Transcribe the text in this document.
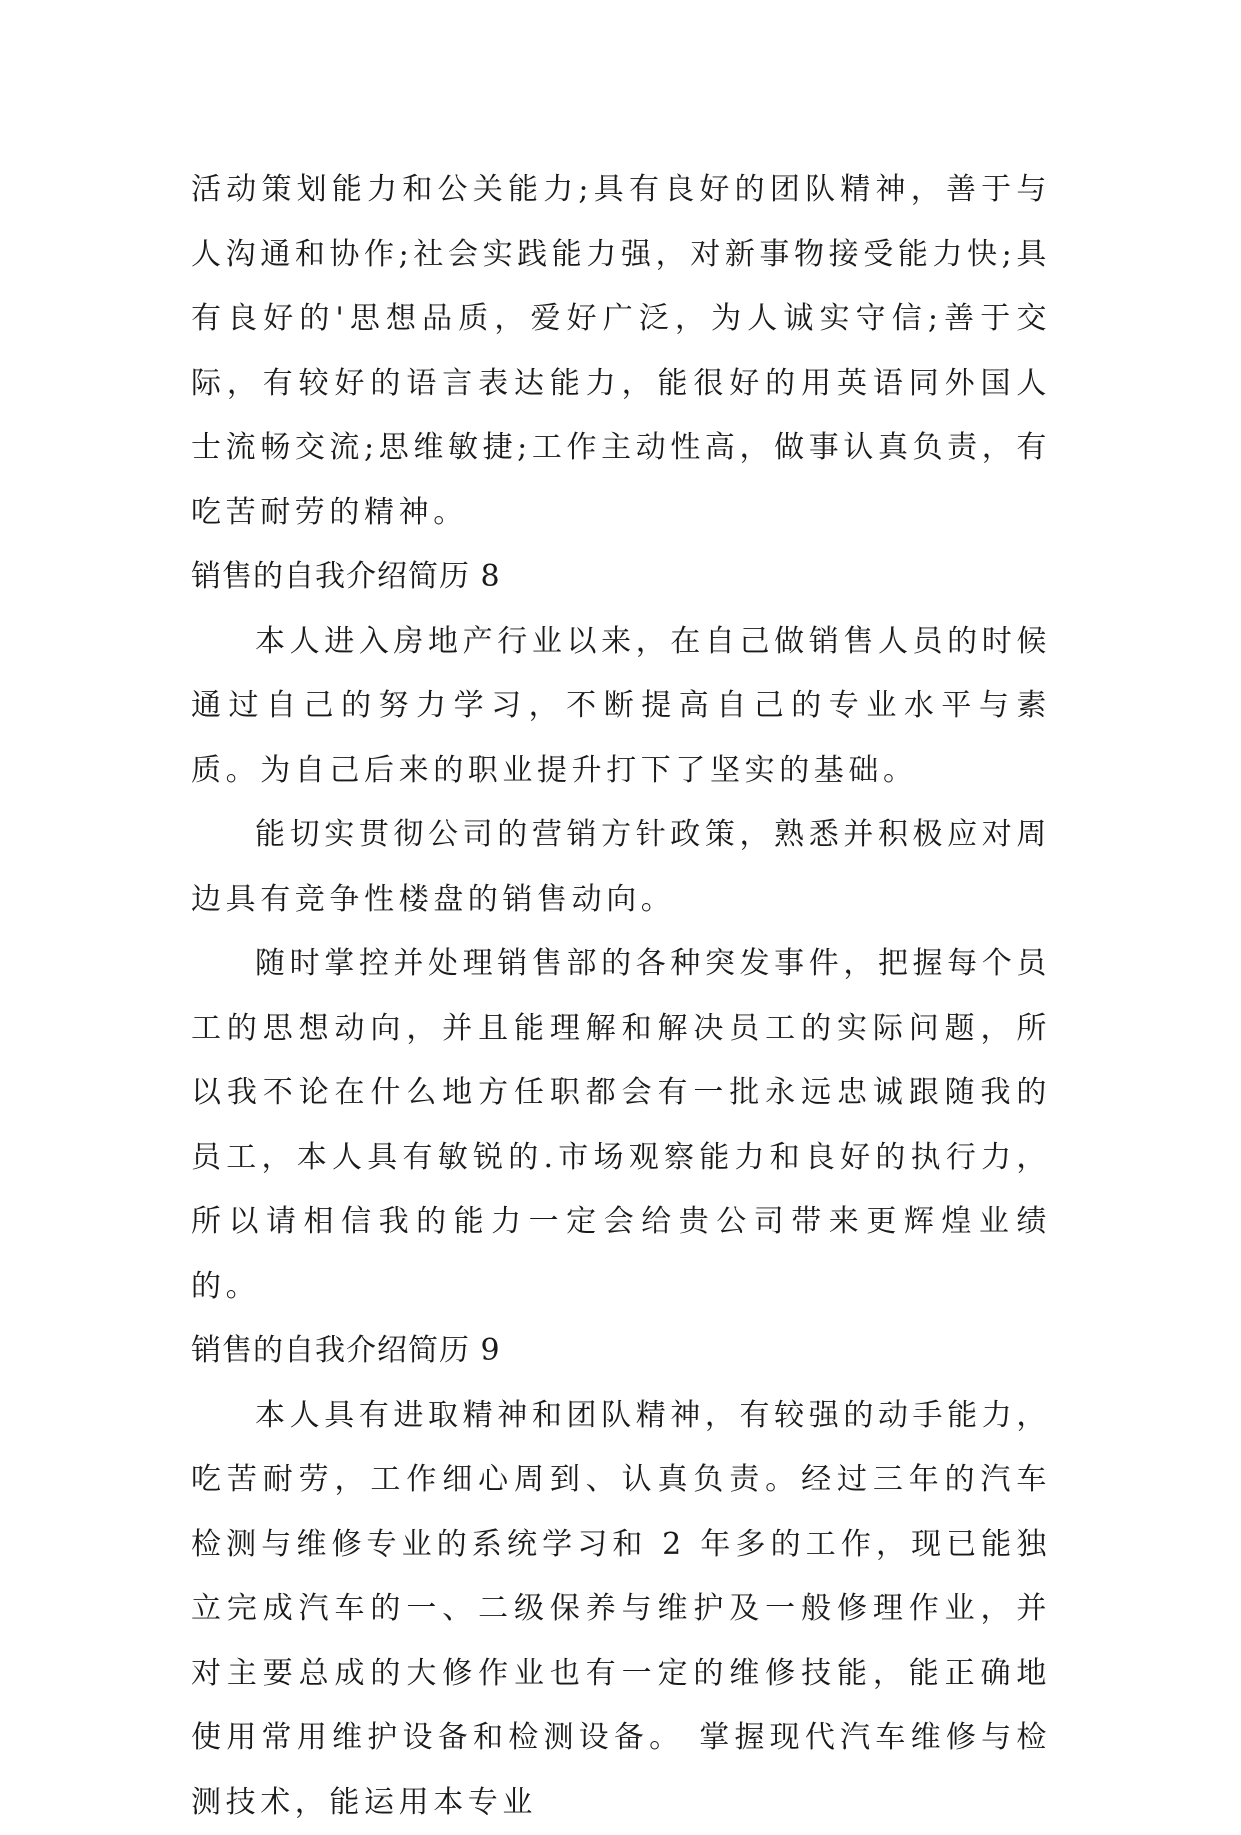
活动策划能力和公关能力;具有良好的团队精神，善于与人沟通和协作;社会实践能力强，对新事物接受能力快;具有良好的'思想品质，爱好广泛，为人诚实守信;善于交际，有较好的语言表达能力，能很好的用英语同外国人士流畅交流;思维敏捷;工作主动性高，做事认真负责，有吃苦耐劳的精神。

销售的自我介绍简历 8

本人进入房地产行业以来，在自己做销售人员的时候通过自己的努力学习，不断提高自己的专业水平与素质。为自己后来的职业提升打下了坚实的基础。

能切实贯彻公司的营销方针政策，熟悉并积极应对周边具有竞争性楼盘的销售动向。

随时掌控并处理销售部的各种突发事件，把握每个员工的思想动向，并且能理解和解决员工的实际问题，所以我不论在什么地方任职都会有一批永远忠诚跟随我的员工，本人具有敏锐的.市场观察能力和良好的执行力，所以请相信我的能力一定会给贵公司带来更辉煌业绩的。

销售的自我介绍简历 9

本人具有进取精神和团队精神，有较强的动手能力，吃苦耐劳，工作细心周到、认真负责。经过三年的汽车检测与维修专业的系统学习和 2 年多的工作，现已能独立完成汽车的一、二级保养与维护及一般修理作业，并对主要总成的大修作业也有一定的维修技能，能正确地使用常用维护设备和检测设备。 掌握现代汽车维修与检测技术，能运用本专业
